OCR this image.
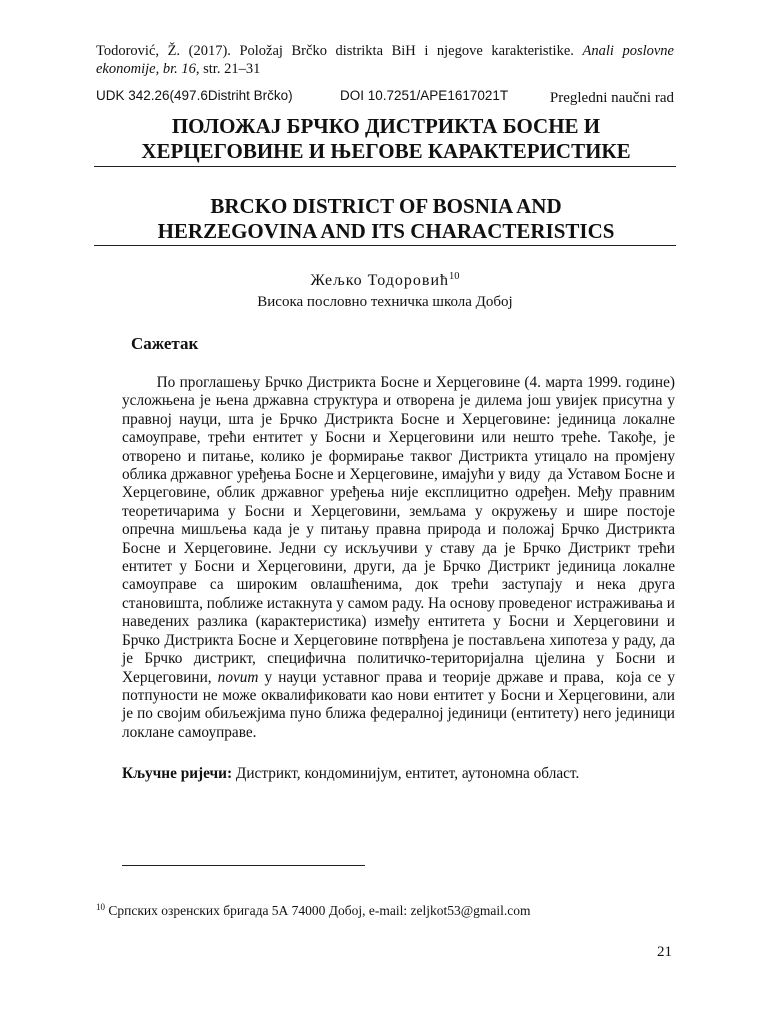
Todorović, Ž. (2017). Položaj Brčko distrikta BiH i njegove karakteristike. Anali poslovne ekonomije, br. 16, str. 21–31
UDK 342.26(497.6Distriht Brčko)	DOI 10.7251/APE1617021T	Pregledni naučni rad
ПОЛОЖАЈ БРЧКО ДИСТРИКТА БОСНЕ И
ХЕРЦЕГОВИНЕ И ЊЕГОВЕ КАРАКТЕРИСТИКЕ
BRCKO DISTRICT OF BOSNIA AND
HERZEGOVINA AND ITS CHARACTERISTICS
Жељко Тодоровић$^{10}$
Висока пословно техничка школа Добој
Сажетак
По проглашењу Брчко Дистрикта Босне и Херцеговине (4. марта 1999. године) усложњена је њена државна структура и отворена је дилема још увијек присутна у правној науци, шта је Брчко Дистрикта Босне и Херцеговине: јединица локалне самоуправе, трећи ентитет у Босни и Херцеговини или нешто треће. Такође, је отворено и питање, колико је формирање таквог Дистрикта утицало на промјену облика државног уређења Босне и Херцеговине, имајући у виду  да Уставом Босне и Херцеговине, облик државног уређења није експлицитно одређен. Међу правним теоретичарима у Босни и Херцеговини, земљама у окружењу и шире постоје опречна мишљења када је у питању правна природа и положај Брчко Дистрикта Босне и Херцеговине. Једни су искључиви у ставу да је Брчко Дистрикт трећи ентитет у Босни и Херцеговини, други, да је Брчко Дистрикт јединица локалне самоуправе са широким овлашћенима, док трећи заступају и нека друга становишта, поближе истакнута у самом раду. На основу проведеног истраживања и наведених разлика (карактеристика) између ентитета у Босни и Херцеговини и Брчко Дистрикта Босне и Херцеговине потврђена је постављена хипотеза у раду, да је Брчко дистрикт, специфична политичко-територијална цјелина у Босни и Херцеговини, novum у науци уставног права и теорије државе и права,  која се у потпуности не може оквалификовати као нови ентитет у Босни и Херцеговини, али је по својим обиљежјима пуно ближа федералној јединици (ентитету) него јединици локлане самоуправе.
Кључне ријечи: Дистрикт, кондоминијум, ентитет, аутономна област.
$^{10}$ Српских озренских бригада 5А 74000 Добој, e-mail: zeljkot53@gmail.com
21
